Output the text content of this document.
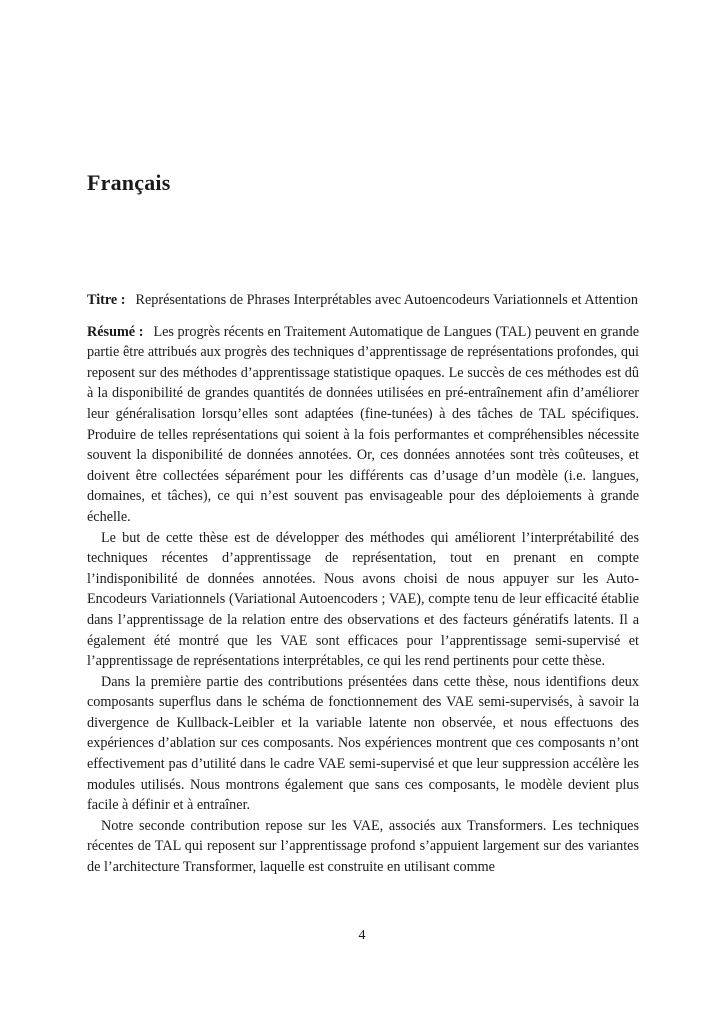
Français

Titre : Représentations de Phrases Interprétables avec Autoencodeurs Variationnels et Attention

Résumé : Les progrès récents en Traitement Automatique de Langues (TAL) peuvent en grande partie être attribués aux progrès des techniques d’apprentissage de représentations profondes, qui reposent sur des méthodes d’apprentissage statistique opaques. Le succès de ces méthodes est dû à la disponibilité de grandes quantités de données utilisées en pré-entraînement afin d’améliorer leur généralisation lorsqu’elles sont adaptées (fine-tunées) à des tâches de TAL spécifiques. Produire de telles représentations qui soient à la fois performantes et compréhensibles nécessite souvent la disponibilité de données annotées. Or, ces données annotées sont très coûteuses, et doivent être collectées séparément pour les différents cas d’usage d’un modèle (i.e. langues, domaines, et tâches), ce qui n’est souvent pas envisageable pour des déploiements à grande échelle.

Le but de cette thèse est de développer des méthodes qui améliorent l’interprétabilité des techniques récentes d’apprentissage de représentation, tout en prenant en compte l’indisponibilité de données annotées. Nous avons choisi de nous appuyer sur les Auto-Encodeurs Variationnels (Variational Autoencoders ; VAE), compte tenu de leur efficacité établie dans l’apprentissage de la relation entre des observations et des facteurs génératifs latents. Il a également été montré que les VAE sont efficaces pour l’apprentissage semi-supervisé et l’apprentissage de représentations interprétables, ce qui les rend pertinents pour cette thèse.

Dans la première partie des contributions présentées dans cette thèse, nous identifions deux composants superflus dans le schéma de fonctionnement des VAE semi-supervisés, à savoir la divergence de Kullback-Leibler et la variable latente non observée, et nous effectuons des expériences d’ablation sur ces composants. Nos expériences montrent que ces composants n’ont effectivement pas d’utilité dans le cadre VAE semi-supervisé et que leur suppression accélère les modules utilisés. Nous montrons également que sans ces composants, le modèle devient plus facile à définir et à entraîner.

Notre seconde contribution repose sur les VAE, associés aux Transformers. Les techniques récentes de TAL qui reposent sur l’apprentissage profond s’appuient largement sur des variantes de l’architecture Transformer, laquelle est construite en utilisant comme

4
